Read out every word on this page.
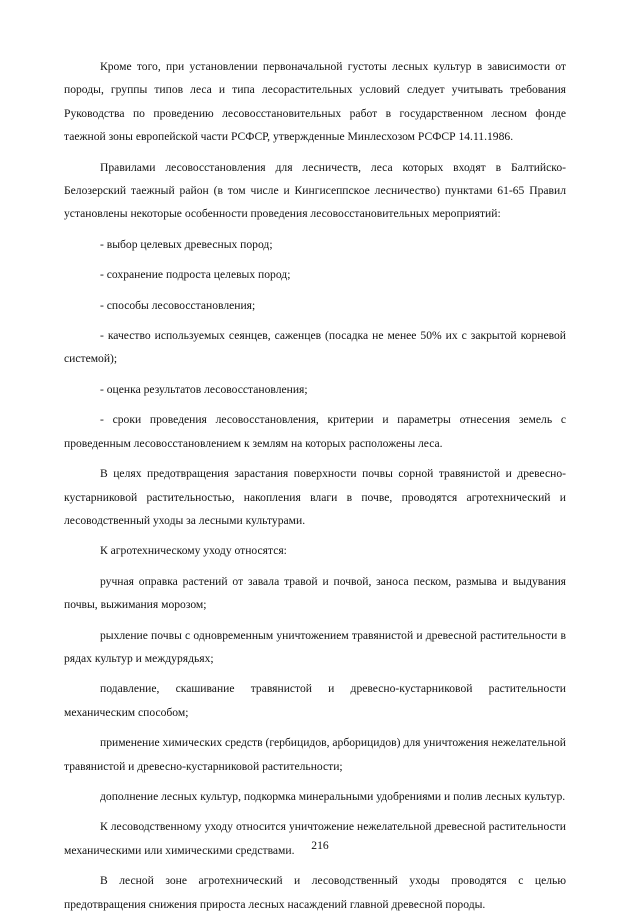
Кроме того, при установлении первоначальной густоты лесных культур в зависимости от породы, группы типов леса и типа лесорастительных условий следует учитывать требования Руководства по проведению лесовосстановительных работ в государственном лесном фонде таежной зоны европейской части РСФСР, утвержденные Минлесхозом РСФСР 14.11.1986.

Правилами лесовосстановления для лесничеств, леса которых входят в Балтийско-Белозерский таежный район (в том числе и Кингисеппское лесничество) пунктами 61-65 Правил установлены некоторые особенности проведения лесовосстановительных мероприятий:

- выбор целевых древесных пород;

- сохранение подроста целевых пород;

- способы лесовосстановления;

- качество используемых сеянцев, саженцев (посадка не менее 50% их с закрытой корневой системой);

- оценка результатов лесовосстановления;

- сроки проведения лесовосстановления, критерии и параметры отнесения земель с проведенным лесовосстановлением к землям на которых расположены леса.

В целях предотвращения зарастания поверхности почвы сорной травянистой и древесно-кустарниковой растительностью, накопления влаги в почве, проводятся агротехнический и лесоводственный уходы за лесными культурами.

К агротехническому уходу относятся:

ручная оправка растений от завала травой и почвой, заноса песком, размыва и выдувания почвы, выжимания морозом;

рыхление почвы с одновременным уничтожением травянистой и древесной растительности в рядах культур и междурядьях;

подавление, скашивание травянистой и древесно-кустарниковой растительности механическим способом;

применение химических средств (гербицидов, арборицидов) для уничтожения нежелательной травянистой и древесно-кустарниковой растительности;

дополнение лесных культур, подкормка минеральными удобрениями и полив лесных культур.

К лесоводственному уходу относится уничтожение нежелательной древесной растительности механическими или химическими средствами.

В лесной зоне агротехнический и лесоводственный уходы проводятся с целью предотвращения снижения прироста лесных насаждений главной древесной породы.

216
